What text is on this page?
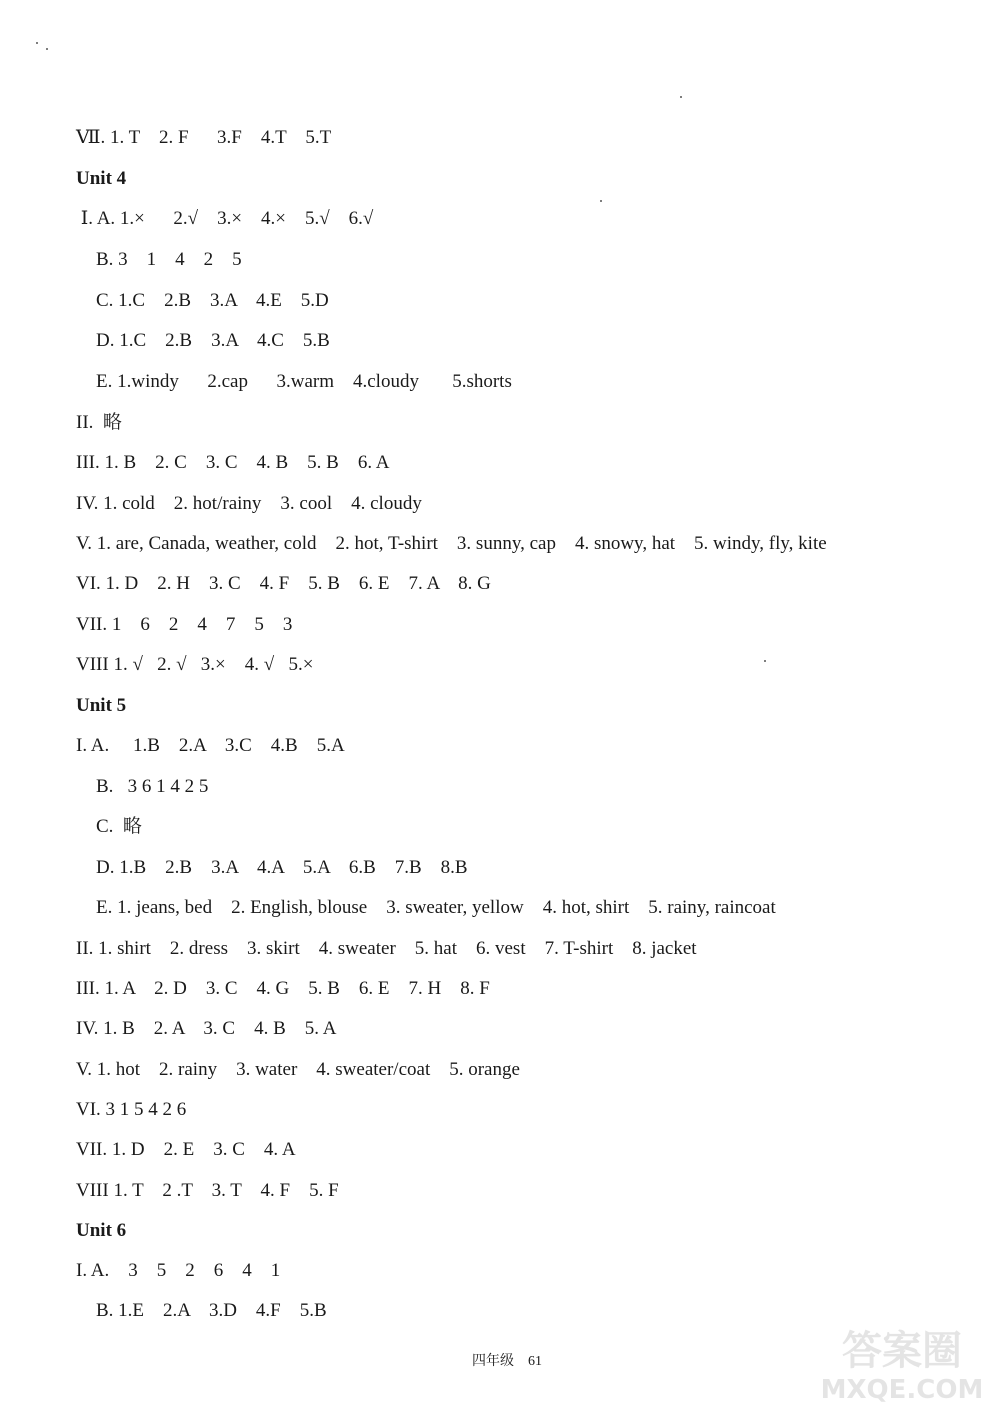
Ⅶ. 1. T    2. F      3.F    4.T    5.T
Unit 4
Ⅰ. A. 1.×      2.√    3.×    4.×    5.√    6.√
B. 3    1    4    2    5
C. 1.C    2.B    3.A    4.E    5.D
D. 1.C    2.B    3.A    4.C    5.B
E. 1.windy      2.cap      3.warm    4.cloudy       5.shorts
II.  略
III. 1. B    2. C    3. C    4. B    5. B    6. A
IV. 1. cold    2. hot/rainy    3. cool    4. cloudy
V. 1. are, Canada, weather, cold    2. hot, T-shirt    3. sunny, cap    4. snowy, hat    5. windy, fly, kite
VI. 1. D    2. H    3. C    4. F    5. B    6. E    7. A    8. G
VII. 1    6    2    4    7    5    3
VIII 1. √   2. √   3.×    4. √   5.×
Unit 5
I. A.     1.B    2.A    3.C    4.B    5.A
B.   3 6 1 4 2 5
C.  略
D. 1.B    2.B    3.A    4.A    5.A    6.B    7.B    8.B
E. 1. jeans, bed    2. English, blouse    3. sweater, yellow    4. hot, shirt    5. rainy, raincoat
II. 1. shirt    2. dress    3. skirt    4. sweater    5. hat    6. vest    7. T-shirt    8. jacket
III. 1. A    2. D    3. C    4. G    5. B    6. E    7. H    8. F
IV. 1. B    2. A    3. C    4. B    5. A
V. 1. hot    2. rainy    3. water    4. sweater/coat    5. orange
VI. 3 1 5 4 2 6
VII. 1. D    2. E    3. C    4. A
VIII 1. T    2 .T    3. T    4. F    5. F
Unit 6
I. A.    3    5    2    6    4    1
B. 1.E    2.A    3.D    4.F    5.B

四年级 61
	答案圈
MXQE.COM
